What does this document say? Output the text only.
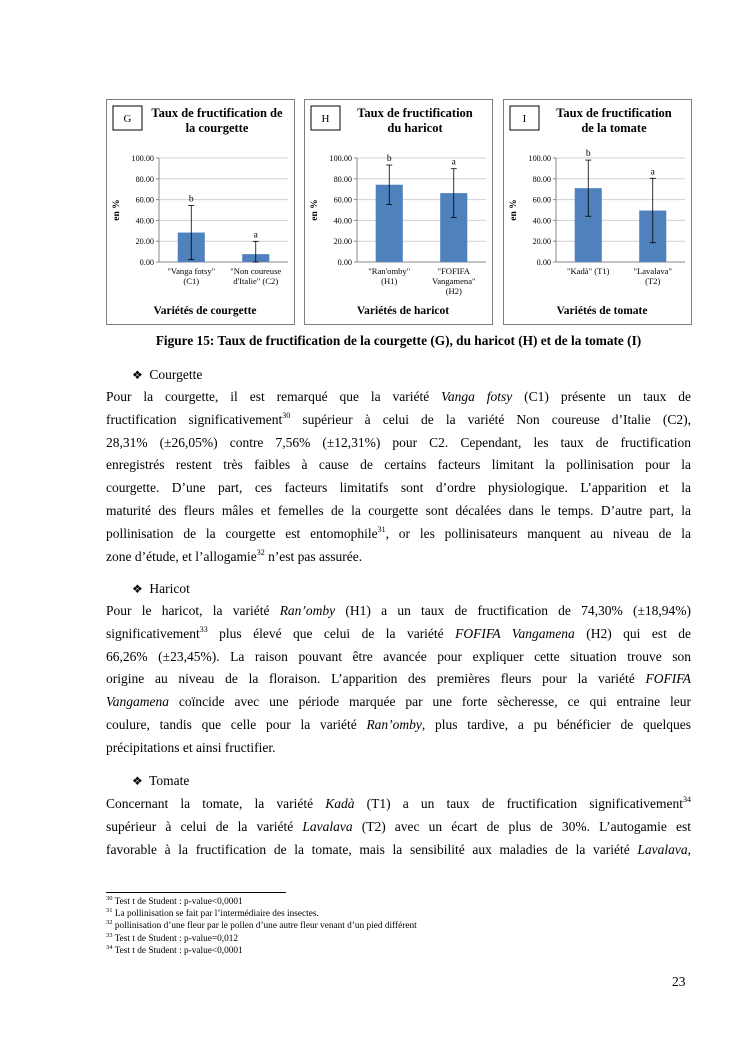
G Taux de fructification de
la courgette
0.00
20.00
40.00
60.00
80.00
100.00
en %	b
"Vanga fotsy"
(C1)
a
"Non coureuse
d'Italie" (C2)
Variétés de courgette
H Taux de fructification
du haricot
0.00
20.00
40.00
60.00
80.00
100.00
en %
b
"Ran'omby"
(H1)
a
"FOFIFA
Vangamena"
(H2)
Variétés de haricot
I Taux de fructification
de la tomate
0.00
20.00
40.00
60.00
80.00
100.00
en %
b
"Kadà" (T1)
a
"Lavalava"
(T2)
Variétés de tomate
Figure 15: Taux de fructification de la courgette (G), du haricot (H) et de la tomate (I)
❖ Courgette
Pour la courgette, il est remarqué que la variété Vanga fotsy (C1) présente un taux de
fructification significativement$^{30}$ supérieur à celui de la variété Non coureuse d’Italie (C2),
28,31% (±26,05%) contre 7,56% (±12,31%) pour C2. Cependant, les taux de fructification
enregistrés restent très faibles à cause de certains facteurs limitant la pollinisation pour la
courgette. D’une part, ces facteurs limitatifs sont d’ordre physiologique. L’apparition et la
maturité des fleurs mâles et femelles de la courgette sont décalées dans le temps. D’autre part, la
pollinisation de la courgette est entomophile$^{31}$, or les pollinisateurs manquent au niveau de la
zone d’étude, et l’allogamie$^{32}$ n’est pas assurée.
❖ Haricot
Pour le haricot, la variété Ran’omby (H1) a un taux de fructification de 74,30% (±18,94%)
significativement$^{33}$ plus élevé que celui de la variété FOFIFA Vangamena (H2) qui est de
66,26% (±23,45%). La raison pouvant être avancée pour expliquer cette situation trouve son
origine au niveau de la floraison. L’apparition des premières fleurs pour la variété FOFIFA
Vangamena coïncide avec une période marquée par une forte sècheresse, ce qui entraine leur
coulure, tandis que celle pour la variété Ran’omby, plus tardive, a pu bénéficier de quelques
précipitations et ainsi fructifier.
❖ Tomate
Concernant la tomate, la variété Kadà (T1) a un taux de fructification significativement$^{34}$
supérieur à celui de la variété Lavalava (T2) avec un écart de plus de 30%. L’autogamie est
favorable à la fructification de la tomate, mais la sensibilité aux maladies de la variété Lavalava,
$^{30}$ Test t de Student : p-value<0,0001
$^{31}$ La pollinisation se fait par l’intermédiaire des insectes.
$^{32}$ pollinisation d’une fleur par le pollen d’une autre fleur venant d’un pied différent
$^{33}$ Test t de Student : p-value=0,012
$^{34}$ Test t de Student : p-value<0,0001
23
